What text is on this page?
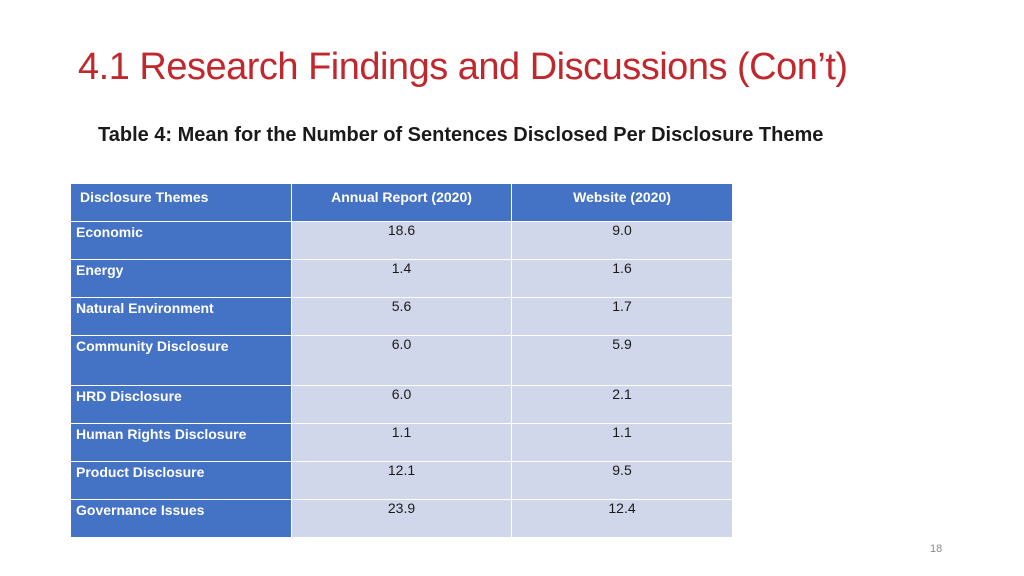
4.1 Research Findings and Discussions (Con’t)
Table 4: Mean for the Number of Sentences Disclosed Per Disclosure Theme
Disclosure Themes	Annual Report (2020)	Website (2020)

Economic	18.6	9.0

Energy	1.4	1.6

Natural Environment	5.6	1.7

Community Disclosure	6.0	5.9

HRD Disclosure	6.0	2.1

Human Rights Disclosure	1.1	1.1

Product Disclosure	12.1	9.5

Governance Issues	23.9	12.4
18
